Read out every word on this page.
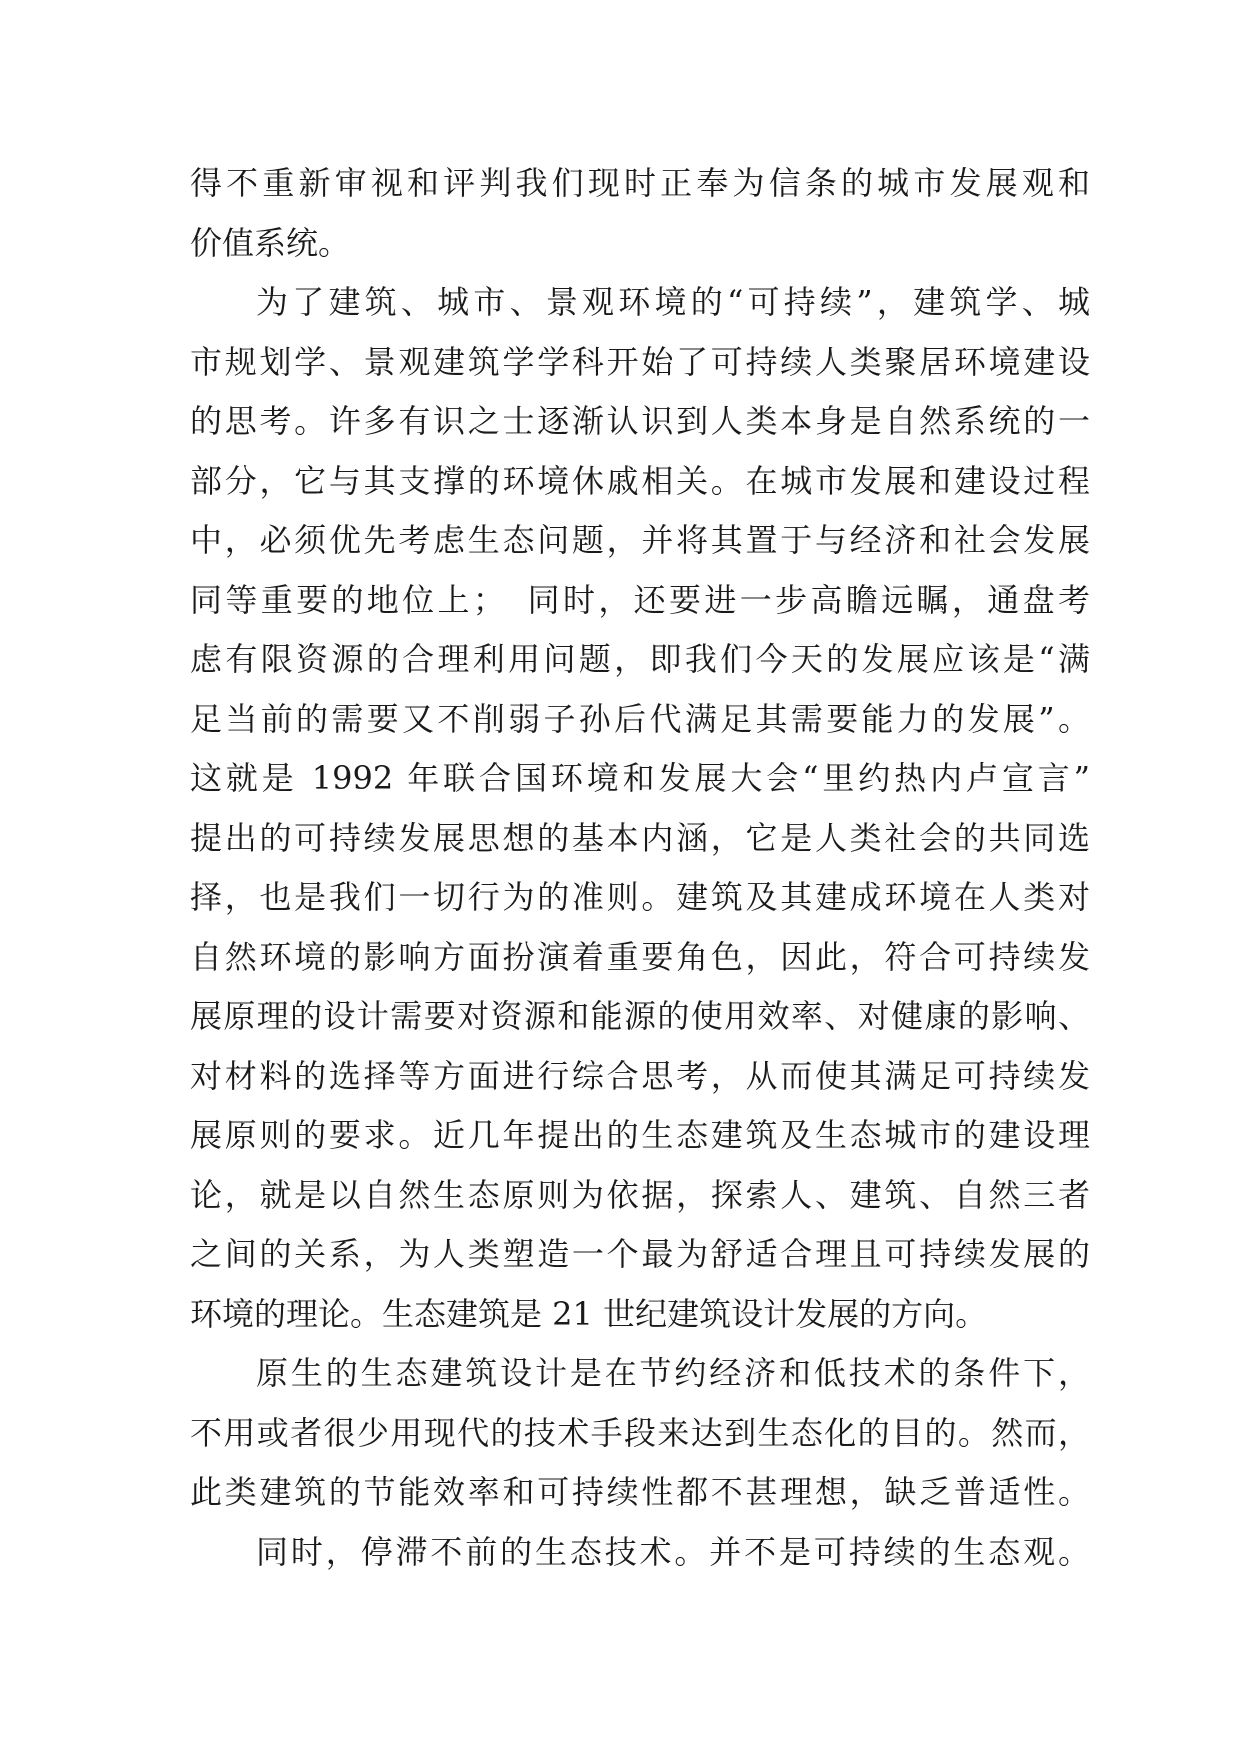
得不重新审视和评判我们现时正奉为信条的城市发展观和
价值系统。
为了建筑、城市、景观环境的“可持续”，建筑学、城
市规划学、景观建筑学学科开始了可持续人类聚居环境建设
的思考。许多有识之士逐渐认识到人类本身是自然系统的一
部分，它与其支撑的环境休戚相关。在城市发展和建设过程
中，必须优先考虑生态问题，并将其置于与经济和社会发展
同等重要的地位上；　同时，还要进一步高瞻远瞩，通盘考
虑有限资源的合理利用问题，即我们今天的发展应该是“满
足当前的需要又不削弱子孙后代满足其需要能力的发展”。
这就是 1992 年联合国环境和发展大会“里约热内卢宣言”
提出的可持续发展思想的基本内涵，它是人类社会的共同选
择，也是我们一切行为的准则。建筑及其建成环境在人类对
自然环境的影响方面扮演着重要角色，因此，符合可持续发
展原理的设计需要对资源和能源的使用效率、对健康的影响、
对材料的选择等方面进行综合思考，从而使其满足可持续发
展原则的要求。近几年提出的生态建筑及生态城市的建设理
论，就是以自然生态原则为依据，探索人、建筑、自然三者
之间的关系，为人类塑造一个最为舒适合理且可持续发展的
环境的理论。生态建筑是 21 世纪建筑设计发展的方向。
原生的生态建筑设计是在节约经济和低技术的条件下，
不用或者很少用现代的技术手段来达到生态化的目的。然而，
此类建筑的节能效率和可持续性都不甚理想，缺乏普适性。
同时，停滞不前的生态技术。并不是可持续的生态观。
